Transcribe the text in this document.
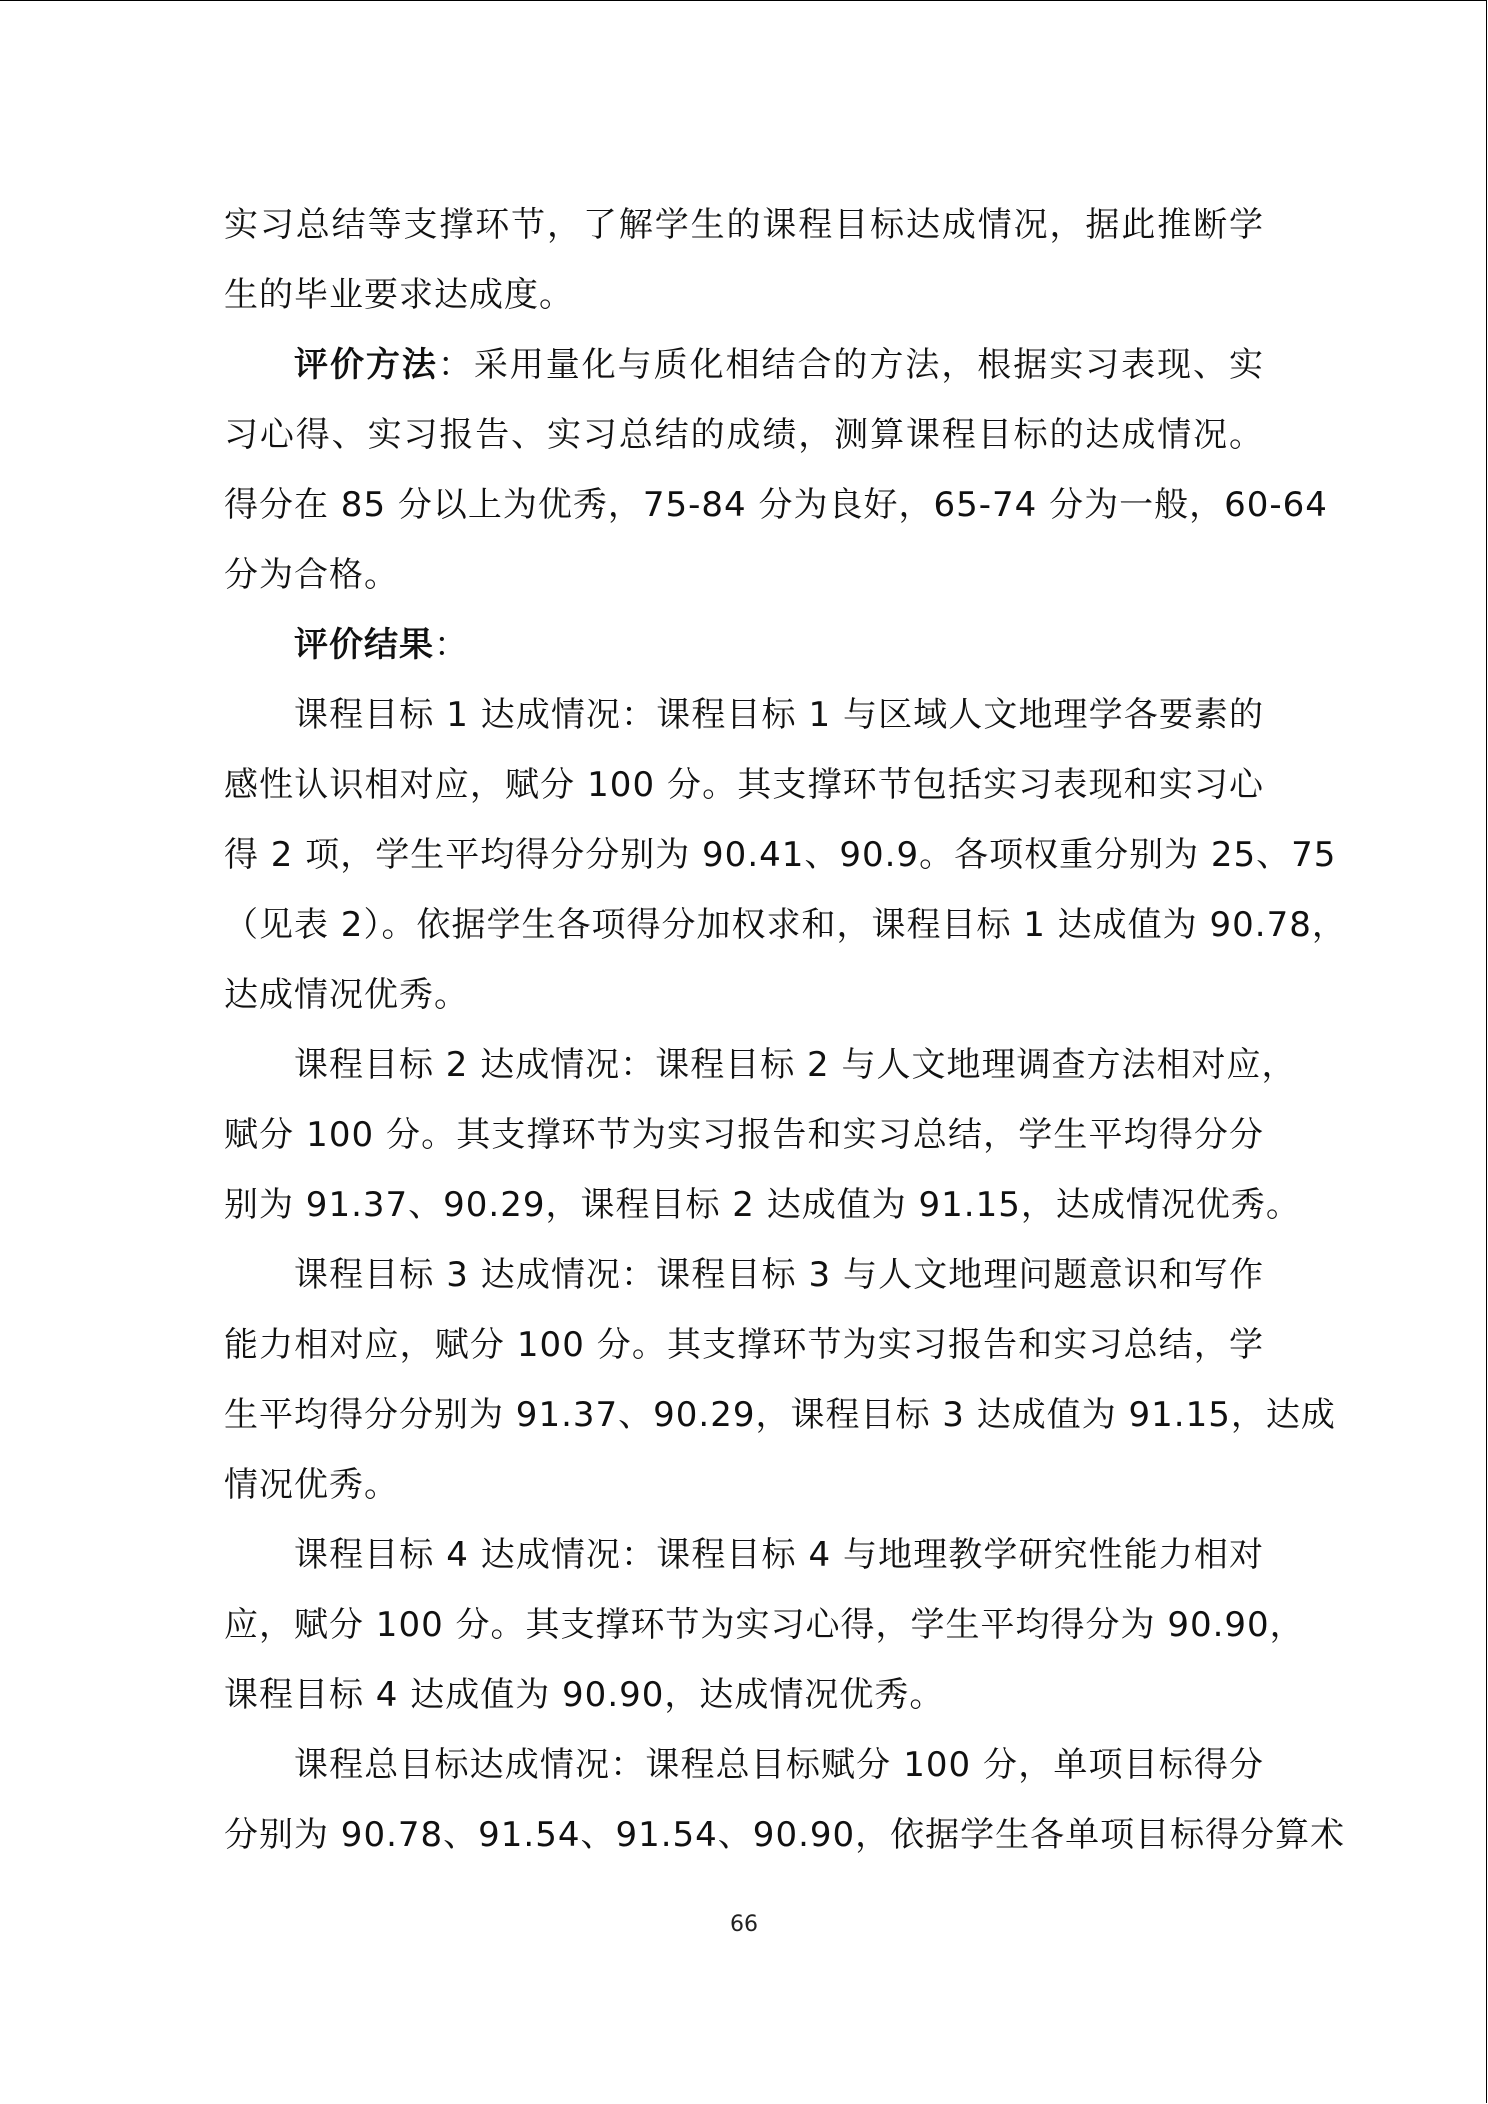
实习总结等支撑环节，了解学生的课程目标达成情况，据此推断学
生的毕业要求达成度。
评价方法：采用量化与质化相结合的方法，根据实习表现、实
习心得、实习报告、实习总结的成绩，测算课程目标的达成情况。
得分在 85 分以上为优秀，75-84 分为良好，65-74 分为一般，60-64
分为合格。
评价结果：
课程目标 1 达成情况：课程目标 1 与区域人文地理学各要素的
感性认识相对应，赋分 100 分。其支撑环节包括实习表现和实习心
得 2 项，学生平均得分分别为 90.41、90.9。各项权重分别为 25、75
（见表 2）。依据学生各项得分加权求和，课程目标 1 达成值为 90.78，
达成情况优秀。
课程目标 2 达成情况：课程目标 2 与人文地理调查方法相对应，
赋分 100 分。其支撑环节为实习报告和实习总结，学生平均得分分
别为 91.37、90.29，课程目标 2 达成值为 91.15，达成情况优秀。
课程目标 3 达成情况：课程目标 3 与人文地理问题意识和写作
能力相对应，赋分 100 分。其支撑环节为实习报告和实习总结，学
生平均得分分别为 91.37、90.29，课程目标 3 达成值为 91.15，达成
情况优秀。
课程目标 4 达成情况：课程目标 4 与地理教学研究性能力相对
应，赋分 100 分。其支撑环节为实习心得，学生平均得分为 90.90，
课程目标 4 达成值为 90.90，达成情况优秀。
课程总目标达成情况：课程总目标赋分 100 分，单项目标得分
分别为 90.78、91.54、91.54、90.90，依据学生各单项目标得分算术
66
